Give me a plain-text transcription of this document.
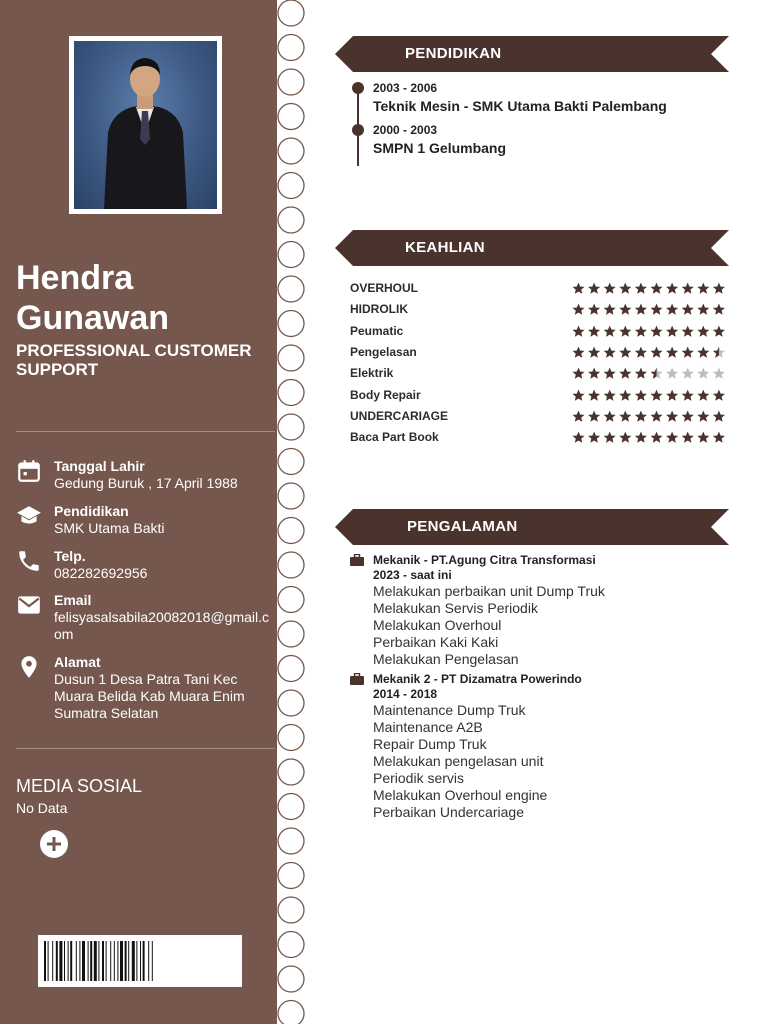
Hendra
Gunawan
PROFESSIONAL CUSTOMER SUPPORT
Tanggal Lahir
Gedung Buruk , 17 April 1988
Pendidikan
SMK Utama Bakti
Telp.
082282692956
Email
felisyasalsabila20082018@gmail.com
Alamat
Dusun 1 Desa Patra Tani Kec Muara Belida Kab Muara Enim Sumatra Selatan
MEDIA SOSIAL
No Data
PENDIDIKAN
2003 - 2006
Teknik Mesin - SMK Utama Bakti Palembang
2000 - 2003
SMPN 1 Gelumbang
KEAHLIAN
OVERHOUL
HIDROLIK
Peumatic
Pengelasan
Elektrik
Body Repair
UNDERCARIAGE
Baca Part Book
PENGALAMAN
Mekanik - PT.Agung Citra Transformasi
2023 - saat ini
Melakukan perbaikan unit Dump Truk
Melakukan Servis Periodik
Melakukan Overhoul
Perbaikan Kaki Kaki
Melakukan Pengelasan
Mekanik 2 - PT Dizamatra Powerindo
2014 - 2018
Maintenance Dump Truk
Maintenance A2B
Repair Dump Truk
Melakukan pengelasan unit
Periodik servis
Melakukan Overhoul engine
Perbaikan Undercariage
